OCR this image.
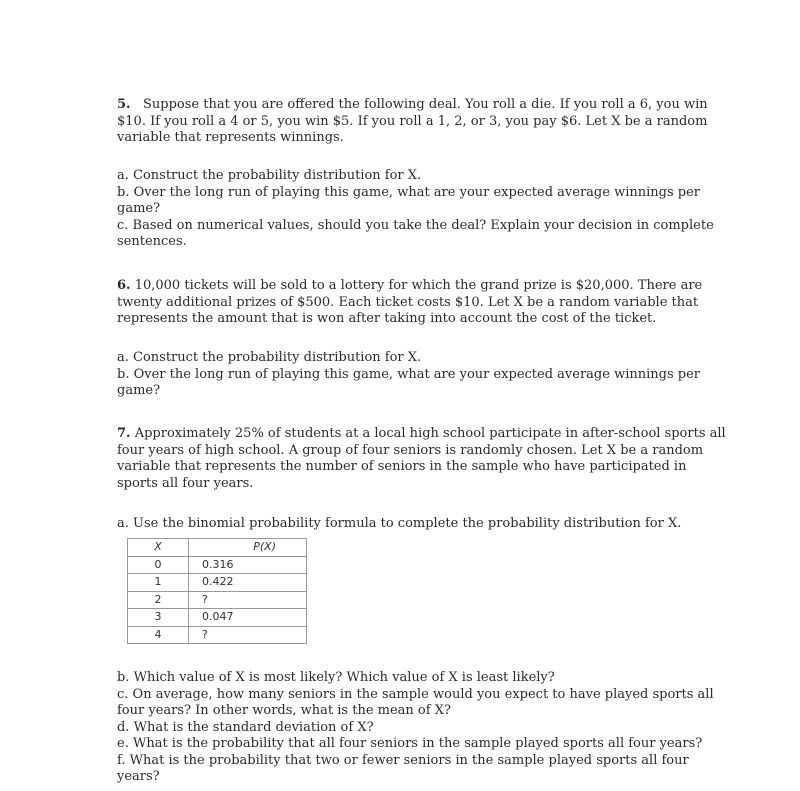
5. Suppose that you are offered the following deal. You roll a die. If you roll a 6, you win
$10. If you roll a 4 or 5, you win $5. If you roll a 1, 2, or 3, you pay $6. Let X be a random
variable that represents winnings.
a. Construct the probability distribution for X.
b. Over the long run of playing this game, what are your expected average winnings per
game?
c. Based on numerical values, should you take the deal? Explain your decision in complete
sentences.
6. 10,000 tickets will be sold to a lottery for which the grand prize is $20,000. There are
twenty additional prizes of $500. Each ticket costs $10. Let X be a random variable that
represents the amount that is won after taking into account the cost of the ticket.
a. Construct the probability distribution for X.
b. Over the long run of playing this game, what are your expected average winnings per
game?
7. Approximately 25% of students at a local high school participate in after-school sports all
four years of high school. A group of four seniors is randomly chosen. Let X be a random
variable that represents the number of seniors in the sample who have participated in
sports all four years.
a. Use the binomial probability formula to complete the probability distribution for X.
X	P(X)
0	0.316
1	0.422
2	?
3	0.047
4	?
b. Which value of X is most likely? Which value of X is least likely?
c. On average, how many seniors in the sample would you expect to have played sports all
four years? In other words, what is the mean of X?
d. What is the standard deviation of X?
e. What is the probability that all four seniors in the sample played sports all four years?
f. What is the probability that two or fewer seniors in the sample played sports all four
years?
